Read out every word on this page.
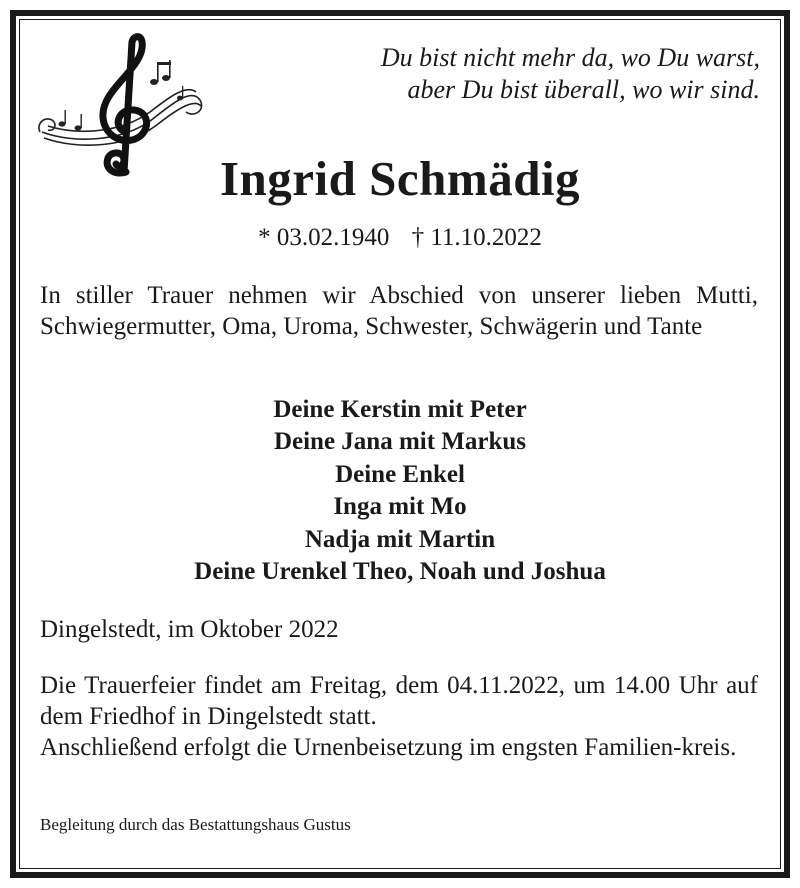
Du bist nicht mehr da, wo Du warst,
aber Du bist überall, wo wir sind.
Ingrid Schmädig
* 03.02.1940 † 11.10.2022
In stiller Trauer nehmen wir Abschied von unserer lieben Mutti, Schwiegermutter, Oma, Uroma, Schwester, Schwägerin und Tante
Deine Kerstin mit Peter
Deine Jana mit Markus
Deine Enkel
Inga mit Mo
Nadja mit Martin
Deine Urenkel Theo, Noah und Joshua
Dingelstedt, im Oktober 2022
Die Trauerfeier findet am Freitag, dem 04.11.2022, um 14.00 Uhr auf dem Friedhof in Dingelstedt statt.
Anschließend erfolgt die Urnenbeisetzung im engsten Familien-kreis.
Begleitung durch das Bestattungshaus Gustus
